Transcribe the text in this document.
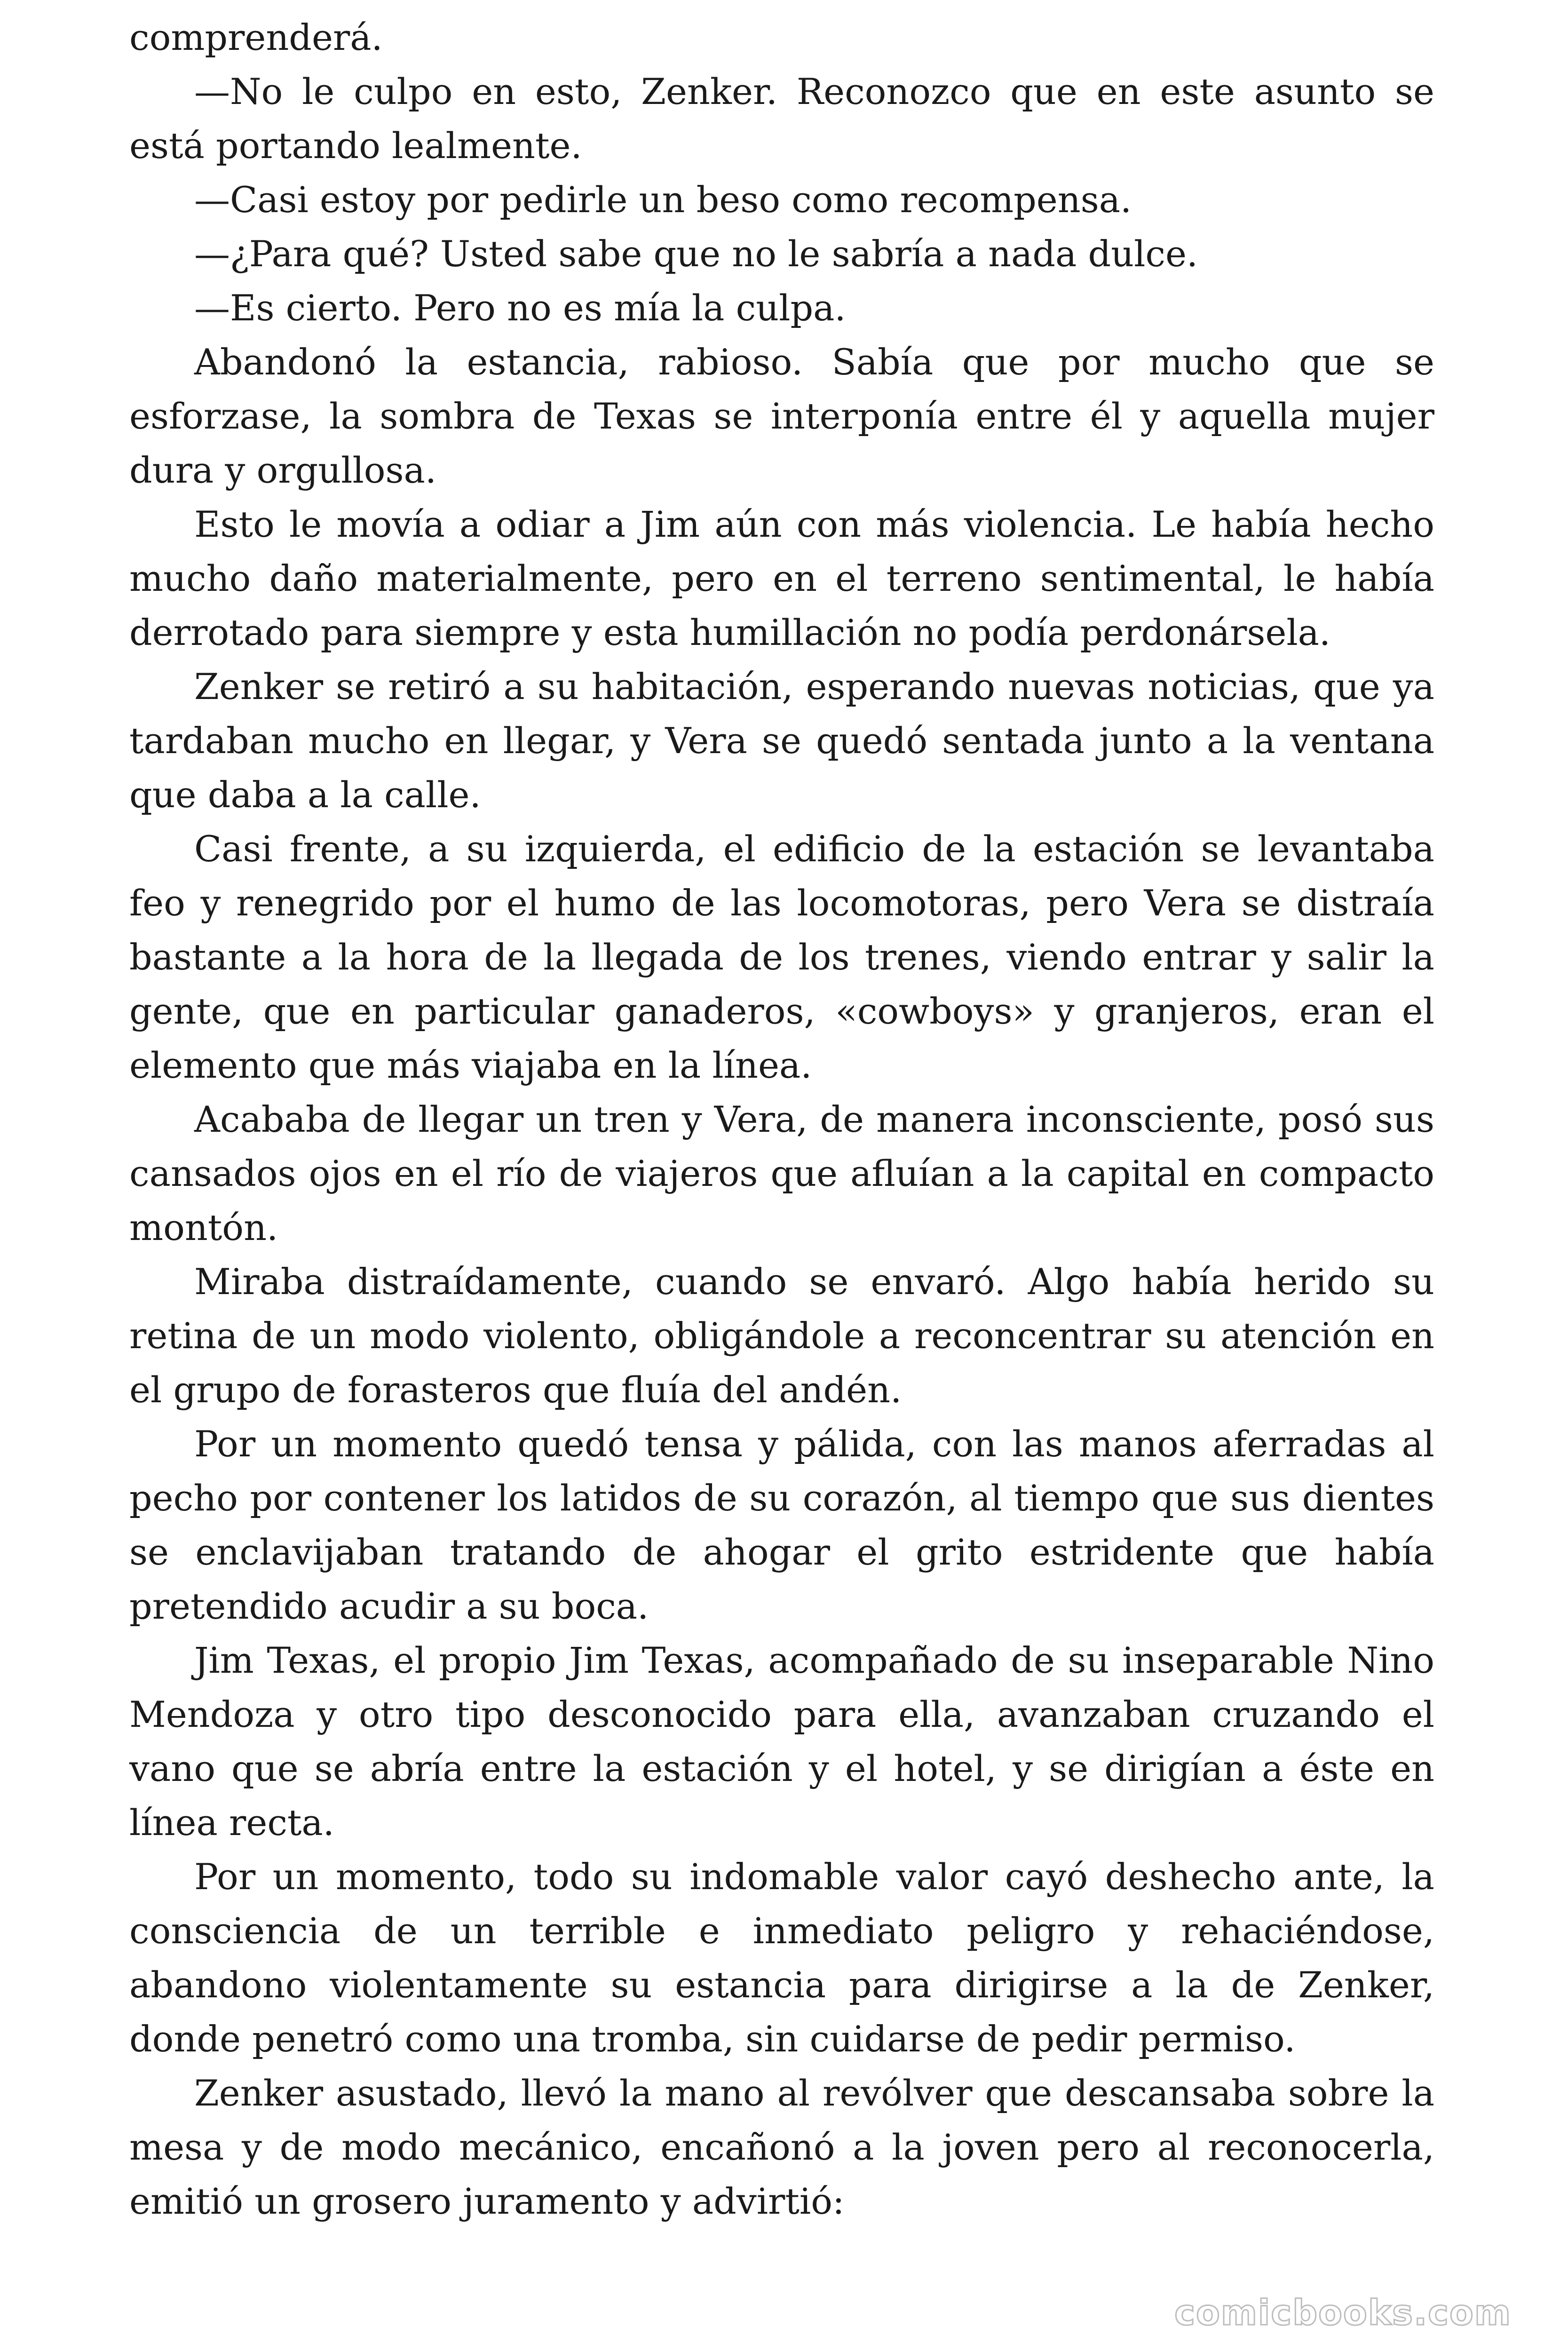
comprenderá.

—No le culpo en esto, Zenker. Reconozco que en este asunto se está portando lealmente.

—Casi estoy por pedirle un beso como recompensa.

—¿Para qué? Usted sabe que no le sabría a nada dulce.

—Es cierto. Pero no es mía la culpa.

Abandonó la estancia, rabioso. Sabía que por mucho que se esforzase, la sombra de Texas se interponía entre él y aquella mujer dura y orgullosa.

Esto le movía a odiar a Jim aún con más violencia. Le había hecho mucho daño materialmente, pero en el terreno sentimental, le había derrotado para siempre y esta humillación no podía perdonársela.

Zenker se retiró a su habitación, esperando nuevas noticias, que ya tardaban mucho en llegar, y Vera se quedó sentada junto a la ventana que daba a la calle.

Casi frente, a su izquierda, el edificio de la estación se levantaba feo y renegrido por el humo de las locomotoras, pero Vera se distraía bastante a la hora de la llegada de los trenes, viendo entrar y salir la gente, que en particular ganaderos, «cowboys» y granjeros, eran el elemento que más viajaba en la línea.

Acababa de llegar un tren y Vera, de manera inconsciente, posó sus cansados ojos en el río de viajeros que afluían a la capital en compacto montón.

Miraba distraídamente, cuando se envaró. Algo había herido su retina de un modo violento, obligándole a reconcentrar su atención en el grupo de forasteros que fluía del andén.

Por un momento quedó tensa y pálida, con las manos aferradas al pecho por contener los latidos de su corazón, al tiempo que sus dientes se enclavijaban tratando de ahogar el grito estridente que había pretendido acudir a su boca.

Jim Texas, el propio Jim Texas, acompañado de su inseparable Nino Mendoza y otro tipo desconocido para ella, avanzaban cruzando el vano que se abría entre la estación y el hotel, y se dirigían a éste en línea recta.

Por un momento, todo su indomable valor cayó deshecho ante, la consciencia de un terrible e inmediato peligro y rehaciéndose, abandono violentamente su estancia para dirigirse a la de Zenker, donde penetró como una tromba, sin cuidarse de pedir permiso.

Zenker asustado, llevó la mano al revólver que descansaba sobre la mesa y de modo mecánico, encañonó a la joven pero al reconocerla, emitió un grosero juramento y advirtió:

comicbooks.com
